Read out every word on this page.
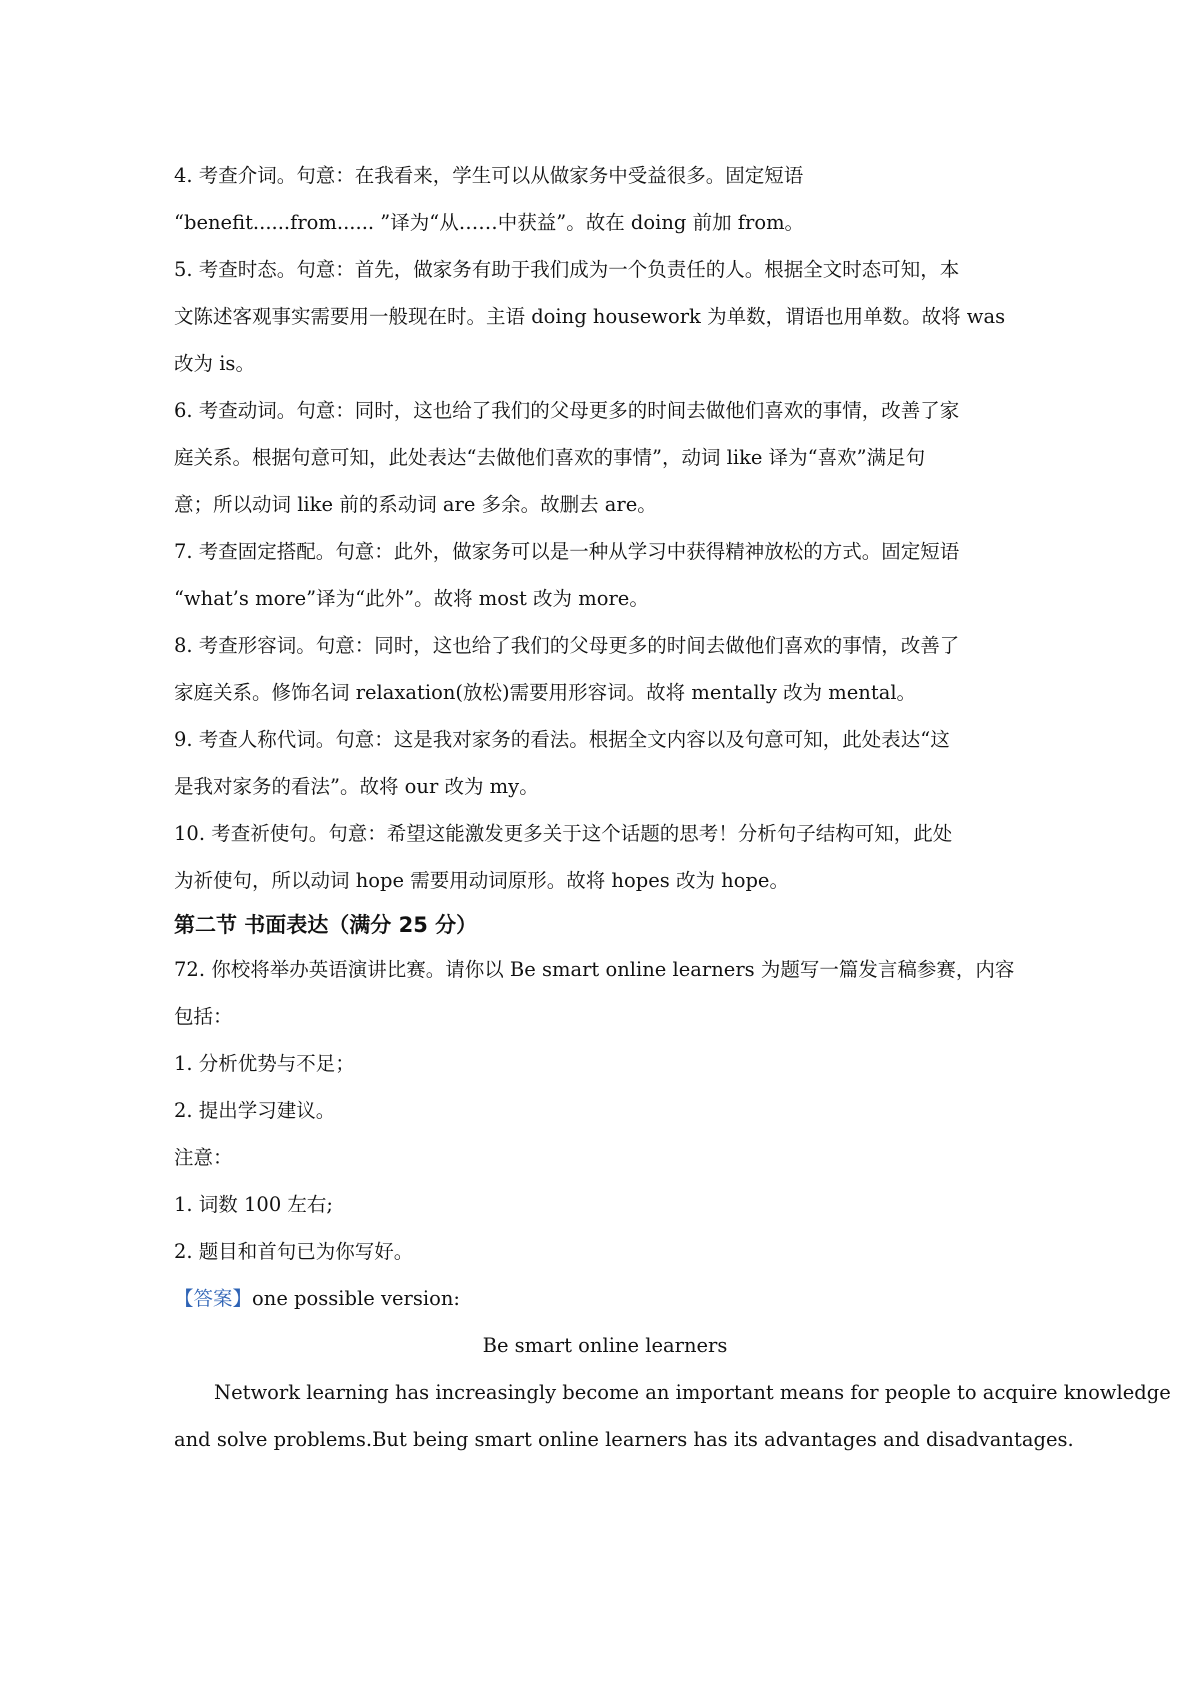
4. 考查介词。句意：在我看来，学生可以从做家务中受益很多。固定短语
“benefit......from...... ”译为“从……中获益”。故在 doing 前加 from。

5. 考查时态。句意：首先，做家务有助于我们成为一个负责任的人。根据全文时态可知，本
文陈述客观事实需要用一般现在时。主语 doing housework 为单数，谓语也用单数。故将 was
改为 is。

6. 考查动词。句意：同时，这也给了我们的父母更多的时间去做他们喜欢的事情，改善了家
庭关系。根据句意可知，此处表达“去做他们喜欢的事情”，动词 like 译为“喜欢”满足句
意；所以动词 like 前的系动词 are 多余。故删去 are。

7. 考查固定搭配。句意：此外，做家务可以是一种从学习中获得精神放松的方式。固定短语
“what’s more”译为“此外”。故将 most 改为 more。

8. 考查形容词。句意：同时，这也给了我们的父母更多的时间去做他们喜欢的事情，改善了
家庭关系。修饰名词 relaxation(放松)需要用形容词。故将 mentally 改为 mental。

9. 考查人称代词。句意：这是我对家务的看法。根据全文内容以及句意可知，此处表达“这
是我对家务的看法”。故将 our 改为 my。

10. 考查祈使句。句意：希望这能激发更多关于这个话题的思考！分析句子结构可知，此处
为祈使句，所以动词 hope 需要用动词原形。故将 hopes 改为 hope。

第二节 书面表达（满分 25 分）

72. 你校将举办英语演讲比赛。请你以 Be smart online learners 为题写一篇发言稿参赛，内容
包括：

1. 分析优势与不足；
2. 提出学习建议。

注意：
1. 词数 100 左右;
2. 题目和首句已为你写好。

【答案】one possible version:
Be smart online learners
Network learning has increasingly become an important means for people to acquire knowledge
and solve problems.But being smart online learners has its advantages and disadvantages.
